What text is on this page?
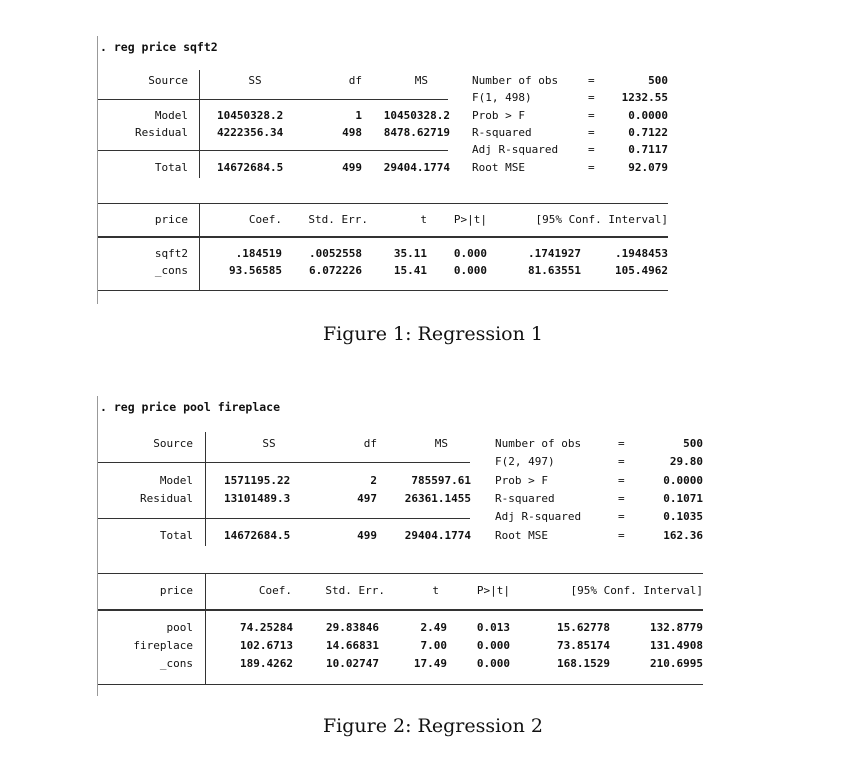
. reg price sqft2
Source	SS	df	MS
Model	10450328.2	1	10450328.2
Residual	4222356.34	498	8478.62719
Total	14672684.5	499	29404.1774
Number of obs	=	500
F(1, 498)	=	1232.55
Prob > F	=	0.0000
R-squared	=	0.7122
Adj R-squared	=	0.7117
Root MSE	=	92.079
price	Coef.	Std. Err.	t	P>|t|	[95% Conf. Interval]
sqft2	.184519	.0052558	35.11	0.000	.1741927	.1948453
_cons	93.56585	6.072226	15.41	0.000	81.63551	105.4962
Figure 1: Regression 1
. reg price pool fireplace
Source	SS	df	MS
Model	1571195.22	2	785597.61
Residual	13101489.3	497	26361.1455
Total	14672684.5	499	29404.1774
Number of obs	=	500
F(2, 497)	=	29.80
Prob > F	=	0.0000
R-squared	=	0.1071
Adj R-squared	=	0.1035
Root MSE	=	162.36
price	Coef.	Std. Err.	t	P>|t|	[95% Conf. Interval]
pool	74.25284	29.83846	2.49	0.013	15.62778	132.8779
fireplace	102.6713	14.66831	7.00	0.000	73.85174	131.4908
_cons	189.4262	10.02747	17.49	0.000	168.1529	210.6995
Figure 2: Regression 2
